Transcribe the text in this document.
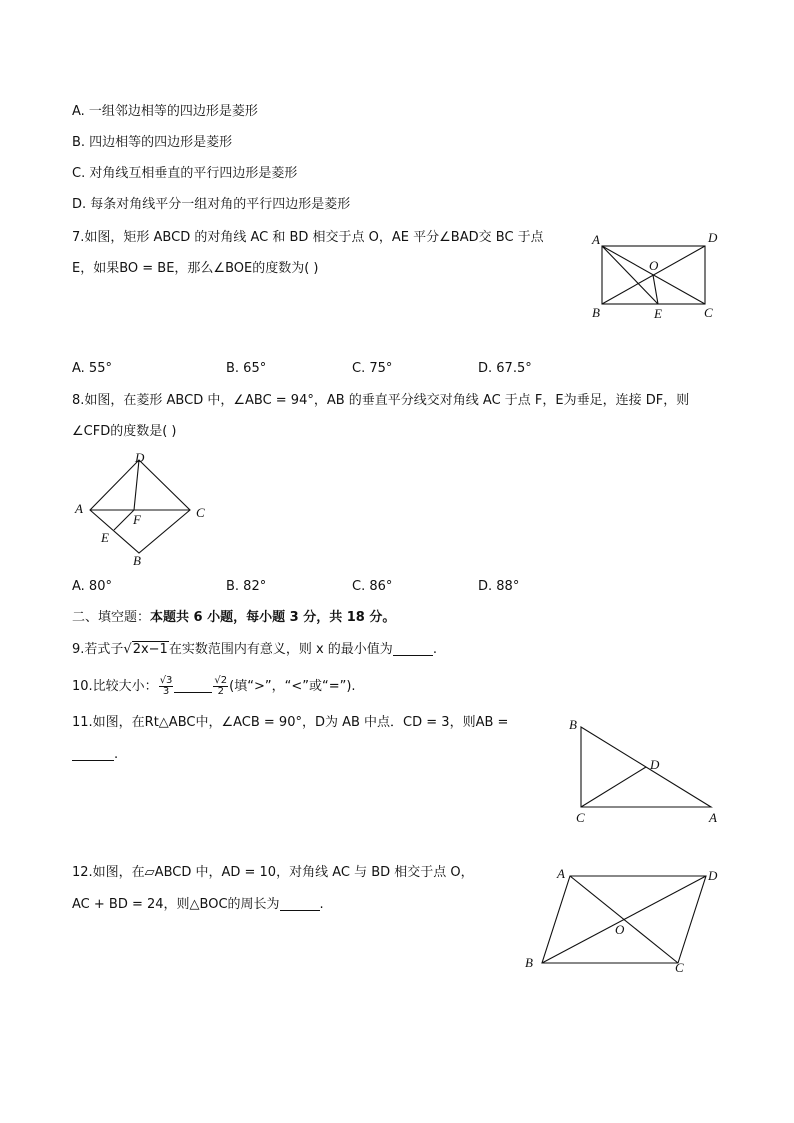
A. 一组邻边相等的四边形是菱形
B. 四边相等的四边形是菱形
C. 对角线互相垂直的平行四边形是菱形
D. 每条对角线平分一组对角的平行四边形是菱形
7.如图，矩形 ABCD 的对角线 AC 和 BD 相交于点 O，AE 平分∠BAD交 BC 于点
E，如果BO = BE，那么∠BOE的度数为( )
A	D
O
B	E	C
A. 55°	B. 65°	C. 75°	D. 67.5°
8.如图，在菱形 ABCD 中，∠ABC = 94°，AB 的垂直平分线交对角线 AC 于点 F，E为垂足，连接 DF，则
∠CFD的度数是( )
D
A	C
F
E
B
A. 80°	B. 82°	C. 86°	D. 88°
二、填空题：本题共 6 小题，每小题 3 分，共 18 分。
9.若式子√2x−1在实数范围内有意义，则 x 的最小值为	.
10.比较大小： $\frac{√3}{3}$	$\frac{√2}{2}$ (填“>”，“<”或“=”).
11.如图，在Rt△ABC中，∠ACB = 90°，D为 AB 中点．CD = 3，则AB =
.
B
D
C	A
12.如图，在▱ABCD 中，AD = 10，对角线 AC 与 BD 相交于点 O，
AC + BD = 24，则△BOC的周长为	.
A	D
O
B	C
